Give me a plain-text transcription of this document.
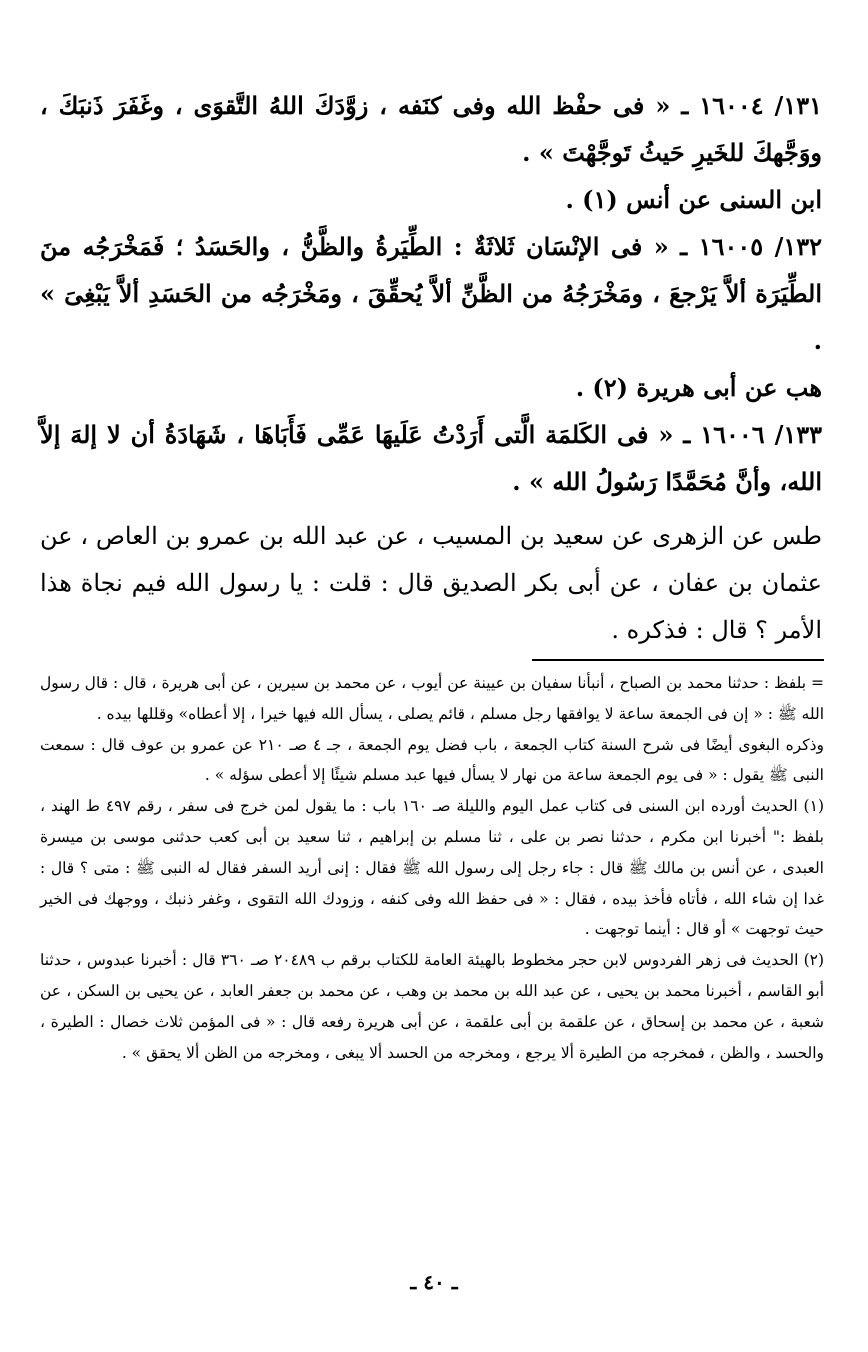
١٣١/ ١٦٠٠٤ ـ « فى حفْظ الله وفى كنَفه ، زوَّدَكَ اللهُ التَّقوَى ، وغَفَرَ ذَنبَكَ ، ووَجَّهكَ للخَيرِ حَيثُ تَوجَّهْتَ » .

ابن السنى عن أنس (١) .

١٣٢/ ١٦٠٠٥ ـ « فى الإنْسَان ثَلاثَةٌ : الطِّيَرةُ والظَّنُّ ، والحَسَدُ ؛ فَمَخْرَجُه منَ الطِّيَرَة ألاَّ يَرْجعَ ، ومَخْرَجُهُ من الظَّنِّ ألاَّ يُحقِّقَ ، ومَخْرَجُه من الحَسَدِ ألاَّ يَبْغِىَ » .

هب عن أبى هريرة (٢) .

١٣٣/ ١٦٠٠٦ ـ « فى الكَلمَة الَّتى أَرَدْتُ عَلَيهَا عَمِّى فَأَبَاهَا ، شَهَادَةُ أن لا إلهَ إلاَّ الله، وأنَّ مُحَمَّدًا رَسُولُ الله » .

طس عن الزهرى عن سعيد بن المسيب ، عن عبد الله بن عمرو بن العاص ، عن عثمان بن عفان ، عن أبى بكر الصديق قال : قلت : يا رسول الله فيم نجاة هذا الأمر ؟ قال : فذكره .

= بلفظ : حدثنا محمد بن الصباح ، أنبأنا سفيان بن عيينة عن أيوب ، عن محمد بن سيرين ، عن أبى هريرة ، قال : قال رسول الله ﷺ : « إن فى الجمعة ساعة لا يوافقها رجل مسلم ، قائم يصلى ، يسأل الله فيها خيرا ، إلا أعطاه» وقللها بيده .

وذكره البغوى أيضًا فى شرح السنة كتاب الجمعة ، باب فضل يوم الجمعة ، جـ ٤ صـ ٢١٠ عن عمرو بن عوف قال : سمعت النبى ﷺ يقول : « فى يوم الجمعة ساعة من نهار لا يسأل فيها عبد مسلم شيئًا إلا أعطى سؤله » .

(١) الحديث أورده ابن السنى فى كتاب عمل اليوم والليلة صـ ١٦٠ باب : ما يقول لمن خرج فى سفر ، رقم ٤٩٧ ط الهند ، بلفظ :" أخبرنا ابن مكرم ، حدثنا نصر بن على ، ثنا مسلم بن إبراهيم ، ثنا سعيد بن أبى كعب حدثنى موسى بن ميسرة العبدى ، عن أنس بن مالك ﷺ قال : جاء رجل إلى رسول الله ﷺ فقال : إنى أريد السفر فقال له النبى ﷺ : متى ؟ قال : غدا إن شاء الله ، فأتاه فأخذ بيده ، فقال : « فى حفظ الله وفى كنفه ، وزودك الله التقوى ، وغفر ذنبك ، ووجهك فى الخير حيث توجهت » أو قال : أينما توجهت .

(٢) الحديث فى زهر الفردوس لابن حجر مخطوط بالهيئة العامة للكتاب برقم ب ٢٠٤٨٩ صـ ٣٦٠ قال : أخبرنا عبدوس ، حدثنا أبو القاسم ، أخبرنا محمد بن يحيى ، عن عبد الله بن محمد بن وهب ، عن محمد بن جعفر العابد ، عن يحيى بن السكن ، عن شعبة ، عن محمد بن إسحاق ، عن علقمة بن أبى علقمة ، عن أبى هريرة رفعه قال : « فى المؤمن ثلاث خصال : الطيرة ، والحسد ، والظن ، فمخرجه من الطيرة ألا يرجع ، ومخرجه من الحسد ألا يبغى ، ومخرجه من الظن ألا يحقق » .

ـ ٤٠ ـ
